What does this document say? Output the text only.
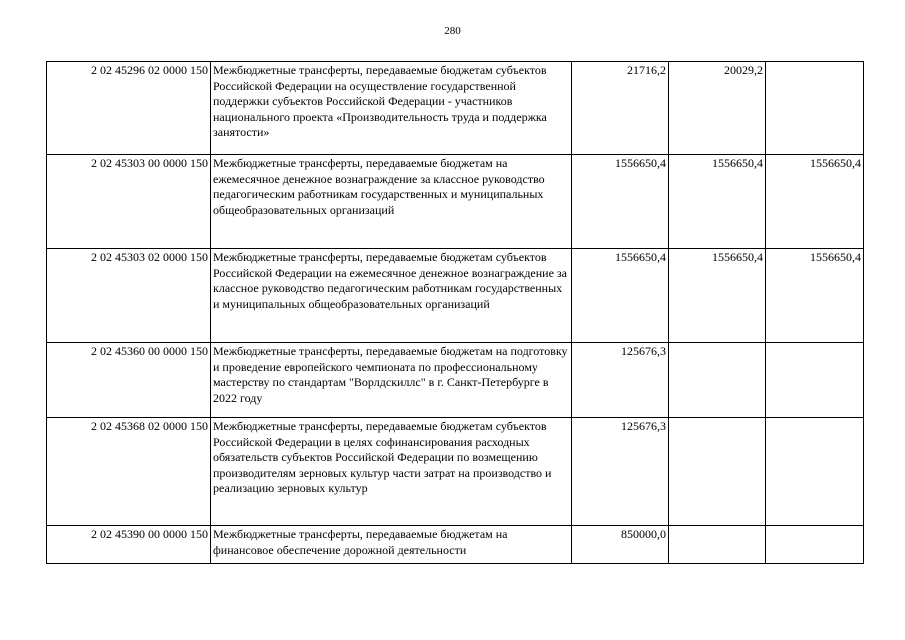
280
2 02 45296 02 0000 150	Межбюджетные трансферты, передаваемые бюджетам субъектов Российской Федерации на осуществление государственной поддержки субъектов Российской Федерации - участников национального проекта «Производительность труда и поддержка занятости»	21716,2	20029,2	
2 02 45303 00 0000 150	Межбюджетные трансферты, передаваемые бюджетам на ежемесячное денежное вознаграждение за классное руководство педагогическим работникам государственных и муниципальных общеобразовательных организаций	1556650,4	1556650,4	1556650,4
2 02 45303 02 0000 150	Межбюджетные трансферты, передаваемые бюджетам субъектов Российской Федерации на ежемесячное денежное вознаграждение за классное руководство педагогическим работникам государственных и муниципальных общеобразовательных организаций	1556650,4	1556650,4	1556650,4
2 02 45360 00 0000 150	Межбюджетные трансферты, передаваемые бюджетам на подготовку и проведение европейского чемпионата по профессиональному мастерству по стандартам "Ворлдскиллс" в г. Санкт-Петербурге в 2022 году	125676,3		
2 02 45368 02 0000 150	Межбюджетные трансферты, передаваемые бюджетам субъектов Российской Федерации в целях софинансирования расходных обязательств субъектов Российской Федерации по возмещению производителям зерновых культур части затрат на производство и реализацию зерновых культур	125676,3		
2 02 45390 00 0000 150	Межбюджетные трансферты, передаваемые бюджетам на финансовое обеспечение дорожной деятельности	850000,0		
